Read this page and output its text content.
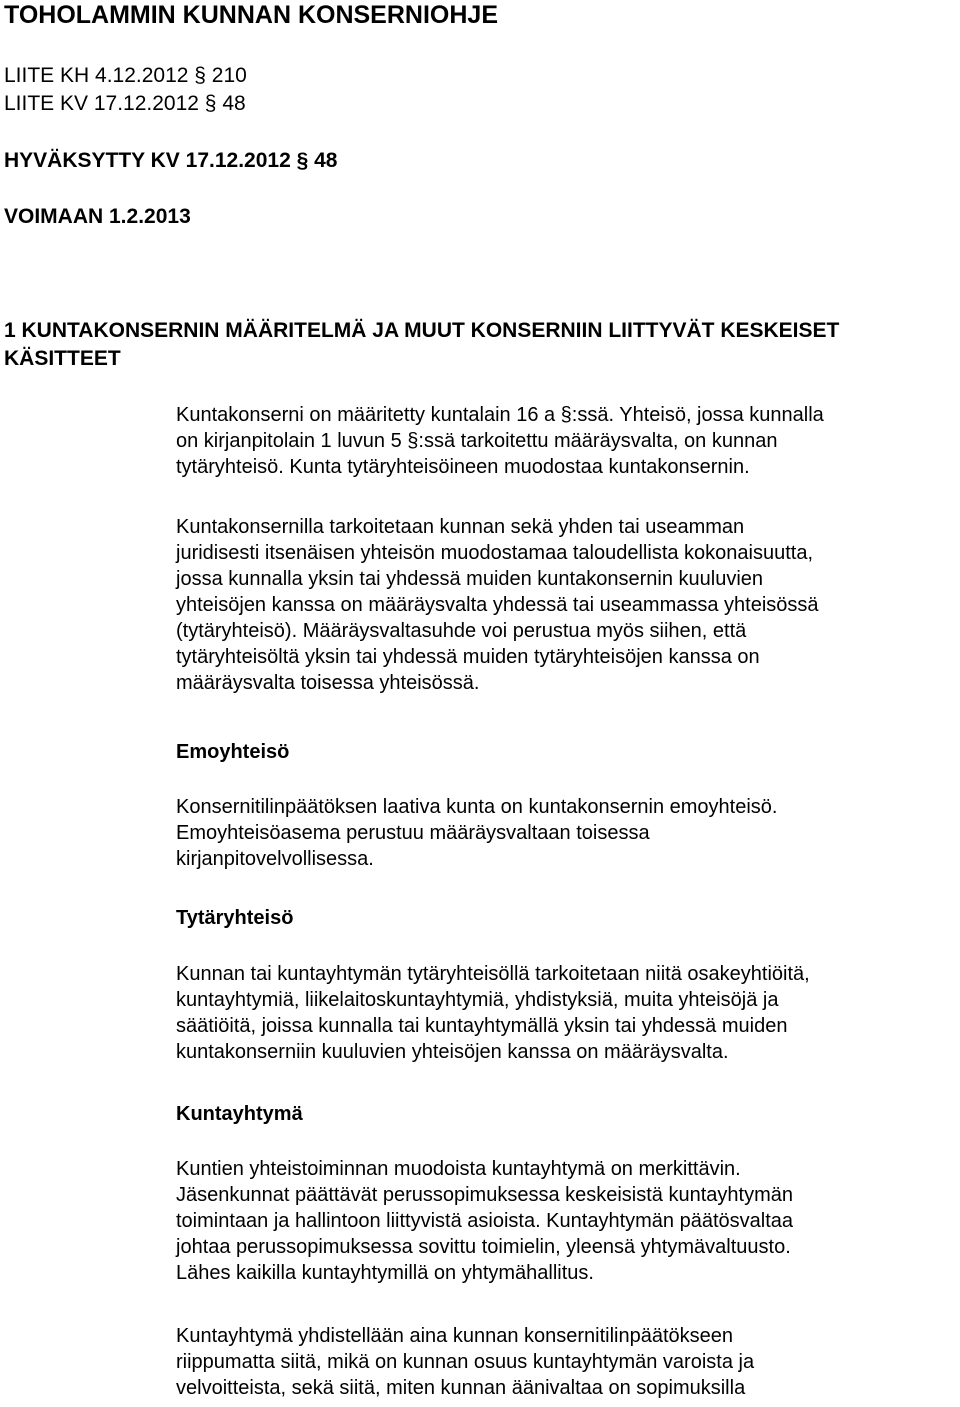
TOHOLAMMIN KUNNAN KONSERNIOHJE
LIITE KH 4.12.2012 § 210
LIITE KV 17.12.2012 § 48
HYVÄKSYTTY KV 17.12.2012 § 48
VOIMAAN 1.2.2013
1 KUNTAKONSERNIN MÄÄRITELMÄ JA MUUT KONSERNIIN LIITTYVÄT KESKEISET
KÄSITTEET
Kuntakonserni on määritetty kuntalain 16 a §:ssä. Yhteisö, jossa kunnalla
on kirjanpitolain 1 luvun 5 §:ssä tarkoitettu määräysvalta, on kunnan
tytäryhteisö. Kunta tytäryhteisöineen muodostaa kuntakonsernin.
Kuntakonsernilla tarkoitetaan kunnan sekä yhden tai useamman
juridisesti itsenäisen yhteisön muodostamaa taloudellista kokonaisuutta,
jossa kunnalla yksin tai yhdessä muiden kuntakonsernin kuuluvien
yhteisöjen kanssa on määräysvalta yhdessä tai useammassa yhteisössä
(tytäryhteisö). Määräysvaltasuhde voi perustua myös siihen, että
tytäryhteisöltä yksin tai yhdessä muiden tytäryhteisöjen kanssa on
määräysvalta toisessa yhteisössä.
Emoyhteisö
Konsernitilinpäätöksen laativa kunta on kuntakonsernin emoyhteisö.
Emoyhteisöasema perustuu määräysvaltaan toisessa
kirjanpitovelvollisessa.
Tytäryhteisö
Kunnan tai kuntayhtymän tytäryhteisöllä tarkoitetaan niitä osakeyhtiöitä,
kuntayhtymiä, liikelaitoskuntayhtymiä, yhdistyksiä, muita yhteisöjä ja
säätiöitä, joissa kunnalla tai kuntayhtymällä yksin tai yhdessä muiden
kuntakonserniin kuuluvien yhteisöjen kanssa on määräysvalta.
Kuntayhtymä
Kuntien yhteistoiminnan muodoista kuntayhtymä on merkittävin.
Jäsenkunnat päättävät perussopimuksessa keskeisistä kuntayhtymän
toimintaan ja hallintoon liittyvistä asioista. Kuntayhtymän päätösvaltaa
johtaa perussopimuksessa sovittu toimielin, yleensä yhtymävaltuusto.
Lähes kaikilla kuntayhtymillä on yhtymähallitus.
Kuntayhtymä yhdistellään aina kunnan konsernitilinpäätökseen
riippumatta siitä, mikä on kunnan osuus kuntayhtymän varoista ja
velvoitteista, sekä siitä, miten kunnan äänivaltaa on sopimuksilla
